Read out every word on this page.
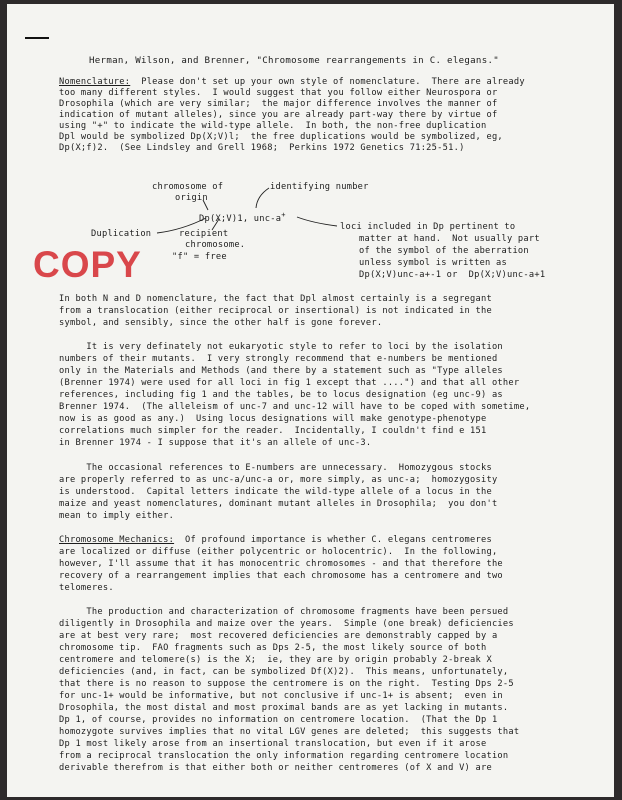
Herman, Wilson, and Brenner, "Chromosome rearrangements in C. elegans."
Nomenclature:  Please don't set up your own style of nomenclature.  There are already
too many different styles.  I would suggest that you follow either Neurospora or
Drosophila (which are very similar;  the major difference involves the manner of
indication of mutant alleles), since you are already part-way there by virtue of
using "+" to indicate the wild-type allele.  In both, the non-free duplication
Dpl would be symbolized Dp(X;V)l;  the free duplications would be symbolized, eg,
Dp(X;f)2.  (See Lindsley and Grell 1968;  Perkins 1972 Genetics 71:25-51.)
chromosome of
origin
identifying number
Dp(X;V)1, unc-a+
Duplication	recipient
chromosome.
"f" = free
loci included in Dp pertinent to
matter at hand.  Not usually part
of the symbol of the aberration
unless symbol is written as
Dp(X;V)unc-a+-1 or  Dp(X;V)unc-a+1
COPY
In both N and D nomenclature, the fact that Dpl almost certainly is a segregant
from a translocation (either reciprocal or insertional) is not indicated in the
symbol, and sensibly, since the other half is gone forever.
It is very definately not eukaryotic style to refer to loci by the isolation
numbers of their mutants.  I very strongly recommend that e-numbers be mentioned
only in the Materials and Methods (and there by a statement such as "Type alleles
(Brenner 1974) were used for all loci in fig 1 except that ....") and that all other
references, including fig 1 and the tables, be to locus designation (eg unc-9) as
Brenner 1974.  (The alleleism of unc-7 and unc-12 will have to be coped with sometime,
now is as good as any.)  Using locus designations will make genotype-phenotype
correlations much simpler for the reader.  Incidentally, I couldn't find e 151
in Brenner 1974 - I suppose that it's an allele of unc-3.
The occasional references to E-numbers are unnecessary.  Homozygous stocks
are properly referred to as unc-a/unc-a or, more simply, as unc-a;  homozygosity
is understood.  Capital letters indicate the wild-type allele of a locus in the
maize and yeast nomenclatures, dominant mutant alleles in Drosophila;  you don't
mean to imply either.
Chromosome Mechanics:  Of profound importance is whether C. elegans centromeres
are localized or diffuse (either polycentric or holocentric).  In the following,
however, I'll assume that it has monocentric chromosomes - and that therefore the
recovery of a rearrangement implies that each chromosome has a centromere and two
telomeres.
The production and characterization of chromosome fragments have been persued
diligently in Drosophila and maize over the years.  Simple (one break) deficiencies
are at best very rare;  most recovered deficiencies are demonstrably capped by a
chromosome tip.  FAO fragments such as Dps 2-5, the most likely source of both
centromere and telomere(s) is the X;  ie, they are by origin probably 2-break X
deficiencies (and, in fact, can be symbolized Df(X)2).  This means, unfortunately,
that there is no reason to suppose the centromere is on the right.  Testing Dps 2-5
for unc-1+ would be informative, but not conclusive if unc-1+ is absent;  even in
Drosophila, the most distal and most proximal bands are as yet lacking in mutants.
Dp 1, of course, provides no information on centromere location.  (That the Dp 1
homozygote survives implies that no vital LGV genes are deleted;  this suggests that
Dp 1 most likely arose from an insertional translocation, but even if it arose
from a reciprocal translocation the only information regarding centromere location
derivable therefrom is that either both or neither centromeres (of X and V) are
